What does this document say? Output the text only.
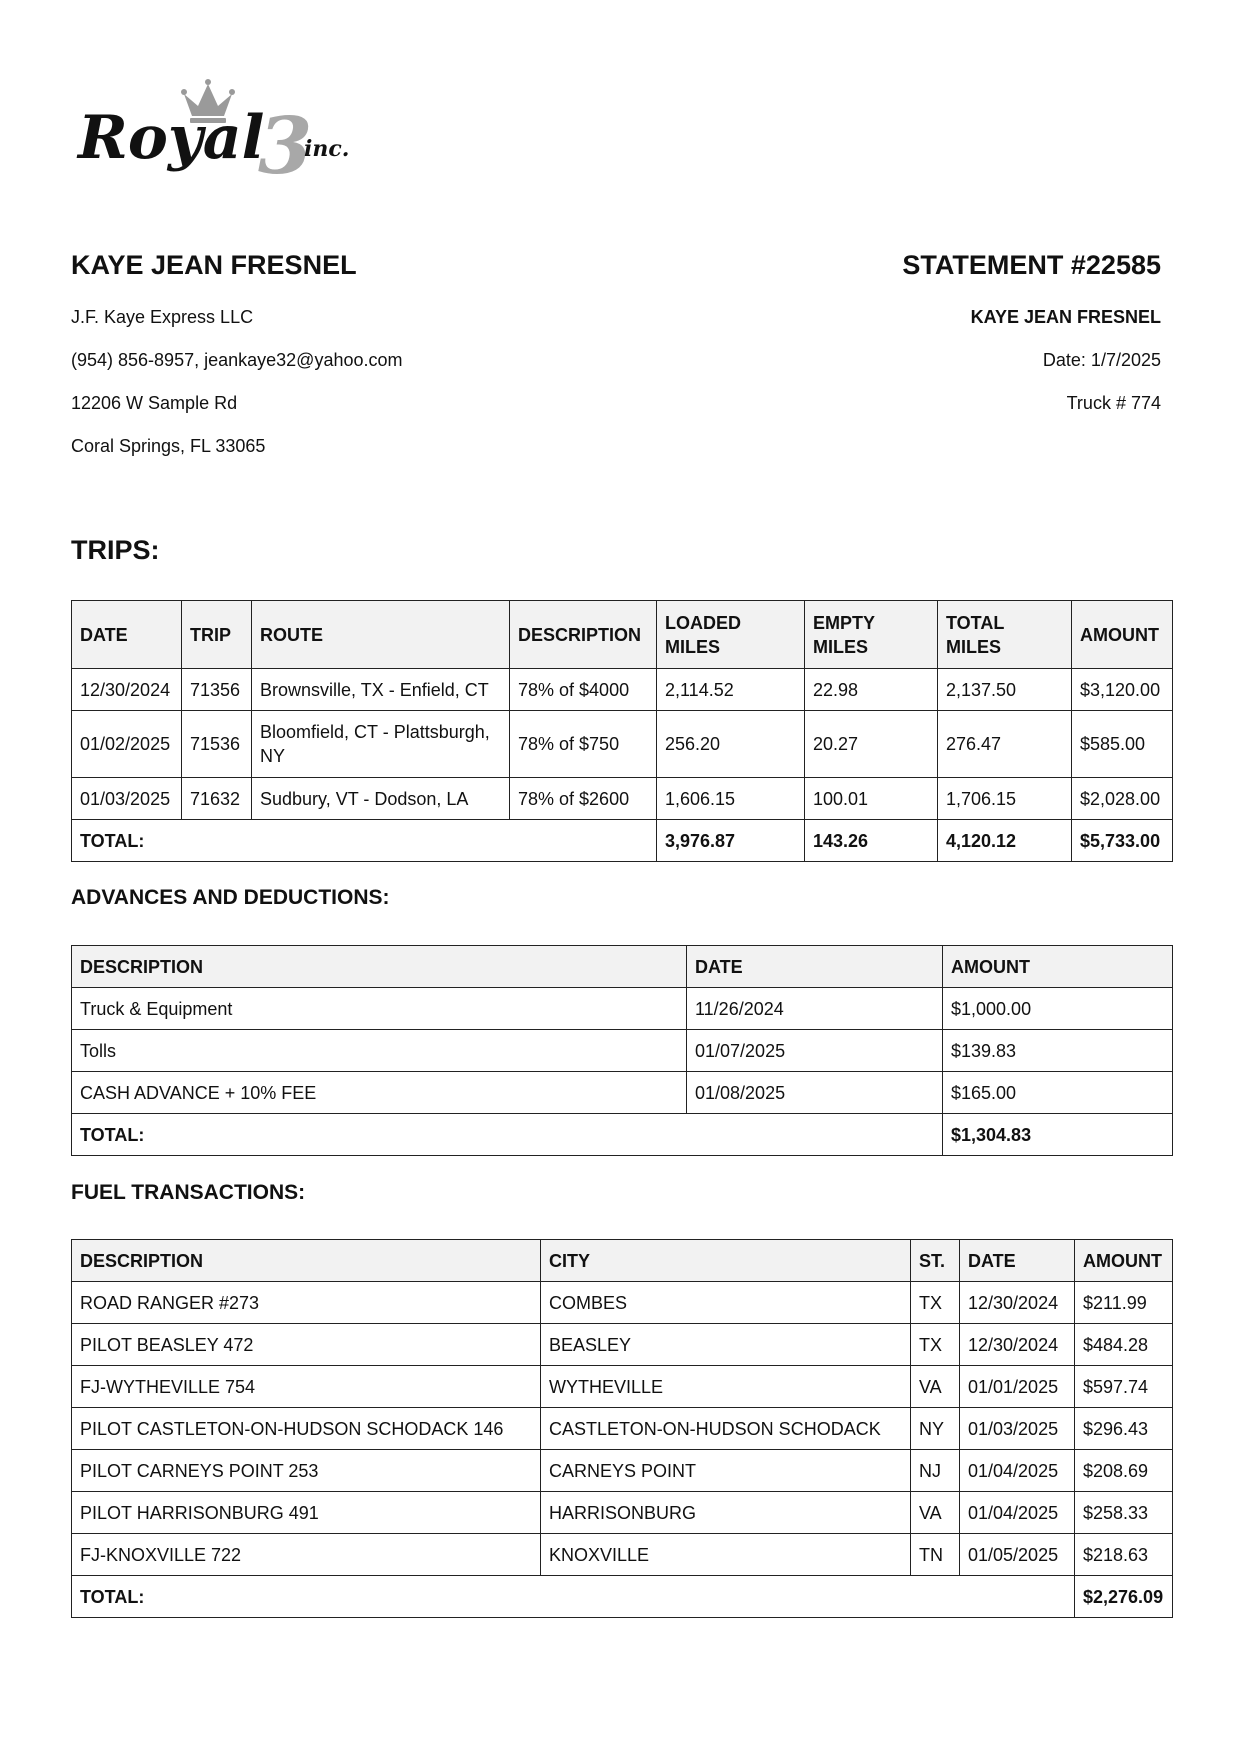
Royal
3
inc.
KAYE JEAN FRESNEL	STATEMENT #22585
J.F. Kaye Express LLC
(954) 856-8957, jeankaye32@yahoo.com
12206 W Sample Rd
Coral Springs, FL 33065
KAYE JEAN FRESNEL
Date: 1/7/2025
Truck # 774
TRIPS:
DATE	TRIP	ROUTE	DESCRIPTION	LOADED MILES	EMPTY MILES	TOTAL MILES	AMOUNT
12/30/2024	71356	Brownsville, TX - Enfield, CT	78% of $4000	2,114.52	22.98	2,137.50	$3,120.00
01/02/2025	71536	Bloomfield, CT - Plattsburgh, NY	78% of $750	256.20	20.27	276.47	$585.00
01/03/2025	71632	Sudbury, VT - Dodson, LA	78% of $2600	1,606.15	100.01	1,706.15	$2,028.00
TOTAL:				3,976.87	143.26	4,120.12	$5,733.00
ADVANCES AND DEDUCTIONS:
DESCRIPTION	DATE	AMOUNT
Truck & Equipment	11/26/2024	$1,000.00
Tolls	01/07/2025	$139.83
CASH ADVANCE + 10% FEE	01/08/2025	$165.00
TOTAL:		$1,304.83
FUEL TRANSACTIONS:
DESCRIPTION	CITY	ST.	DATE	AMOUNT
ROAD RANGER #273	COMBES	TX	12/30/2024	$211.99
PILOT BEASLEY 472	BEASLEY	TX	12/30/2024	$484.28
FJ-WYTHEVILLE 754	WYTHEVILLE	VA	01/01/2025	$597.74
PILOT CASTLETON-ON-HUDSON SCHODACK 146	CASTLETON-ON-HUDSON SCHODACK	NY	01/03/2025	$296.43
PILOT CARNEYS POINT 253	CARNEYS POINT	NJ	01/04/2025	$208.69
PILOT HARRISONBURG 491	HARRISONBURG	VA	01/04/2025	$258.33
FJ-KNOXVILLE 722	KNOXVILLE	TN	01/05/2025	$218.63
TOTAL:				$2,276.09
